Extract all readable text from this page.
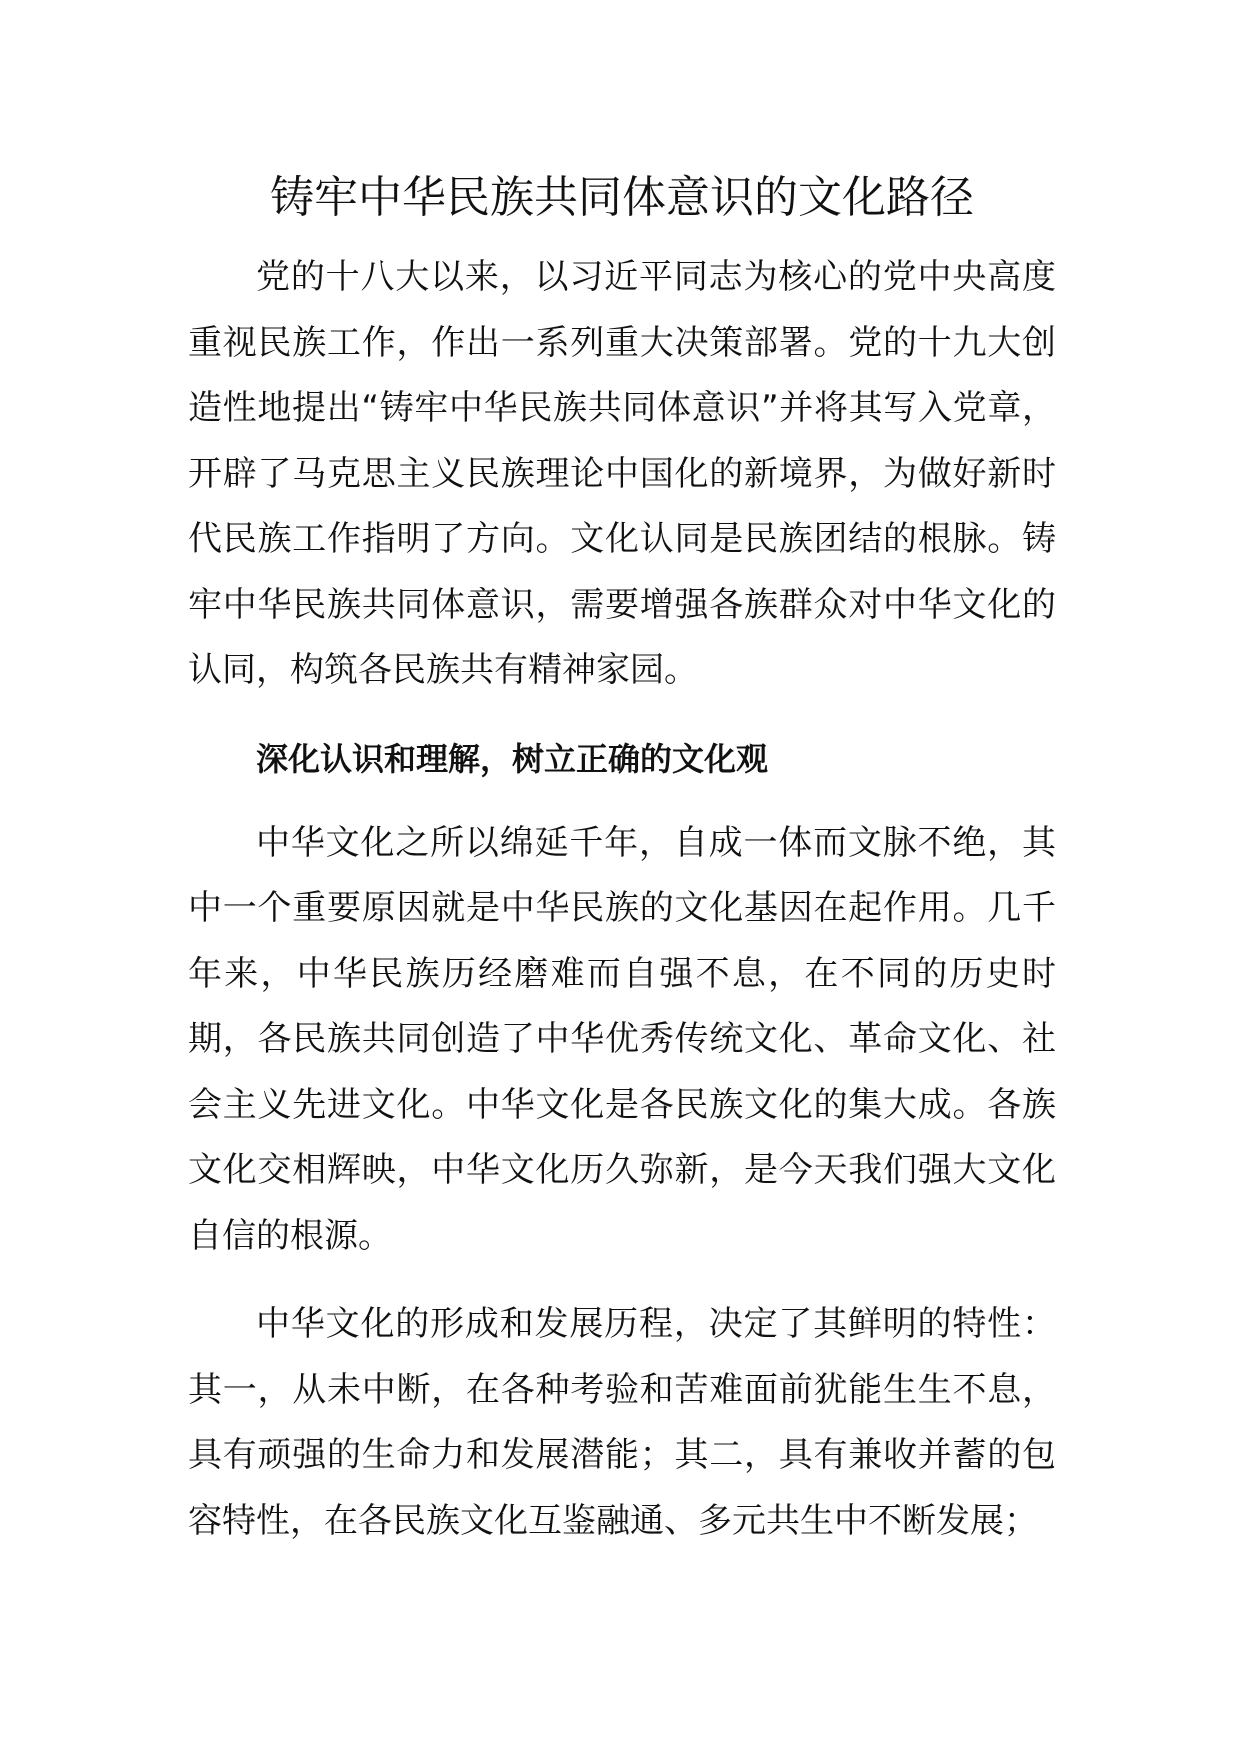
铸牢中华民族共同体意识的文化路径

党的十八大以来，以习近平同志为核心的党中央高度重视民族工作，作出一系列重大决策部署。党的十九大创造性地提出“铸牢中华民族共同体意识”并将其写入党章，开辟了马克思主义民族理论中国化的新境界，为做好新时代民族工作指明了方向。文化认同是民族团结的根脉。铸牢中华民族共同体意识，需要增强各族群众对中华文化的认同，构筑各民族共有精神家园。

深化认识和理解，树立正确的文化观

中华文化之所以绵延千年，自成一体而文脉不绝，其中一个重要原因就是中华民族的文化基因在起作用。几千年来，中华民族历经磨难而自强不息，在不同的历史时期，各民族共同创造了中华优秀传统文化、革命文化、社会主义先进文化。中华文化是各民族文化的集大成。各族文化交相辉映，中华文化历久弥新，是今天我们强大文化自信的根源。

中华文化的形成和发展历程，决定了其鲜明的特性：其一，从未中断，在各种考验和苦难面前犹能生生不息，具有顽强的生命力和发展潜能；其二，具有兼收并蓄的包容特性，在各民族文化互鉴融通、多元共生中不断发展；
